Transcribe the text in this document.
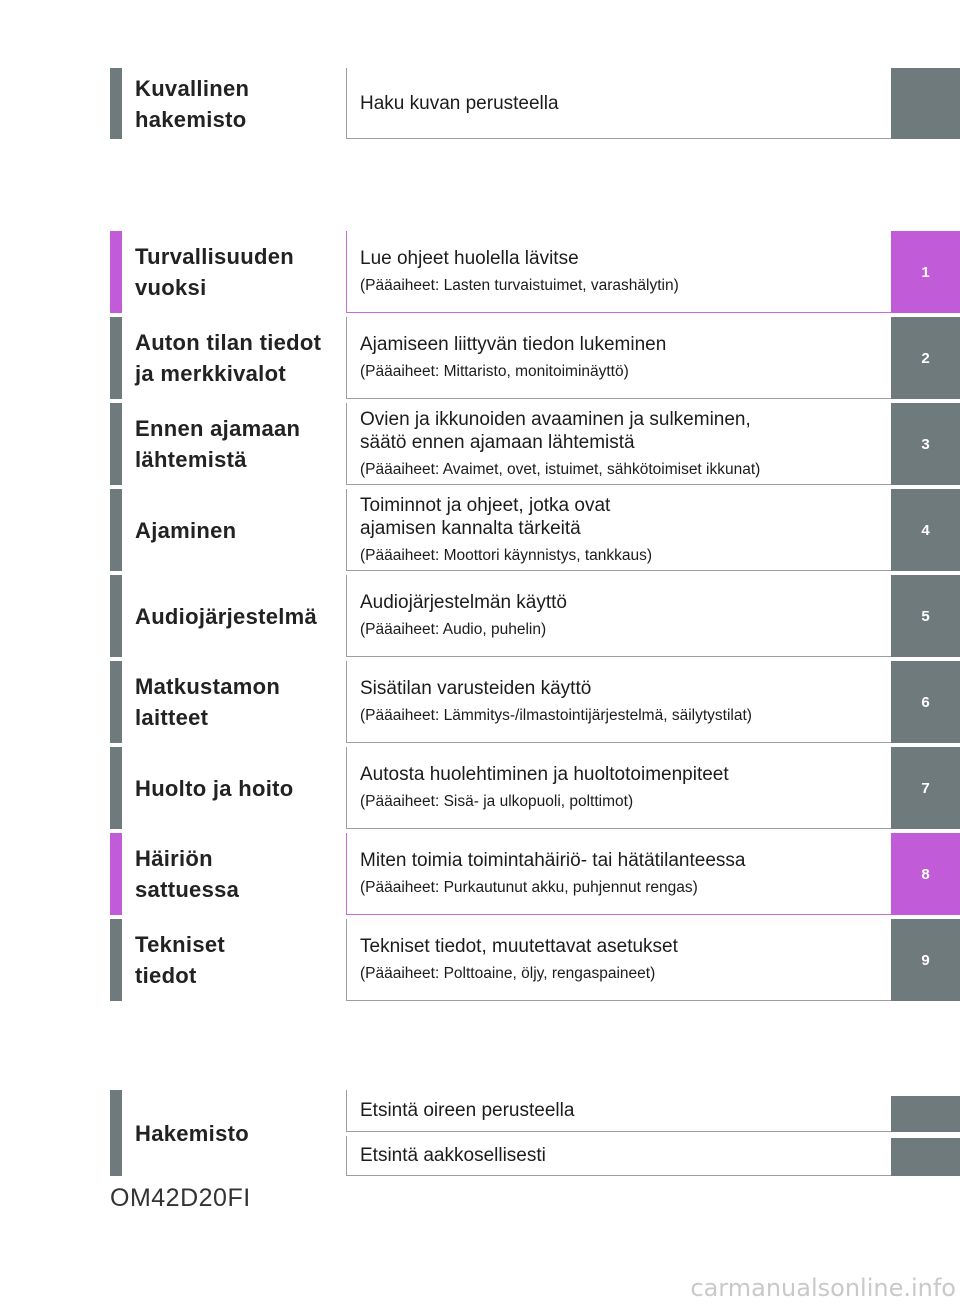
Kuvallinen
hakemisto
Haku kuvan perusteella
Turvallisuuden
vuoksi
Lue ohjeet huolella lävitse
(Pääaiheet: Lasten turvaistuimet, varashälytin)
1
Auton tilan tiedot
ja merkkivalot
Ajamiseen liittyvän tiedon lukeminen
(Pääaiheet: Mittaristo, monitoiminäyttö)
2
Ennen ajamaan
lähtemistä
Ovien ja ikkunoiden avaaminen ja sulkeminen,
säätö ennen ajamaan lähtemistä
(Pääaiheet: Avaimet, ovet, istuimet, sähkötoimiset ikkunat)
3
Ajaminen
Toiminnot ja ohjeet, jotka ovat
ajamisen kannalta tärkeitä
(Pääaiheet: Moottori käynnistys, tankkaus)
4
Audiojärjestelmä
Audiojärjestelmän käyttö
(Pääaiheet: Audio, puhelin)
5
Matkustamon
laitteet
Sisätilan varusteiden käyttö
(Pääaiheet: Lämmitys-/ilmastointijärjestelmä, säilytystilat)
6
Huolto ja hoito
Autosta huolehtiminen ja huoltotoimenpiteet
(Pääaiheet: Sisä- ja ulkopuoli, polttimot)
7
Häiriön
sattuessa
Miten toimia toimintahäiriö- tai hätätilanteessa
(Pääaiheet: Purkautunut akku, puhjennut rengas)
8
Tekniset
tiedot
Tekniset tiedot, muutettavat asetukset
(Pääaiheet: Polttoaine, öljy, rengaspaineet)
9
Hakemisto
Etsintä oireen perusteella
Etsintä aakkosellisesti
OM42D20FI
carmanualsonline.info
